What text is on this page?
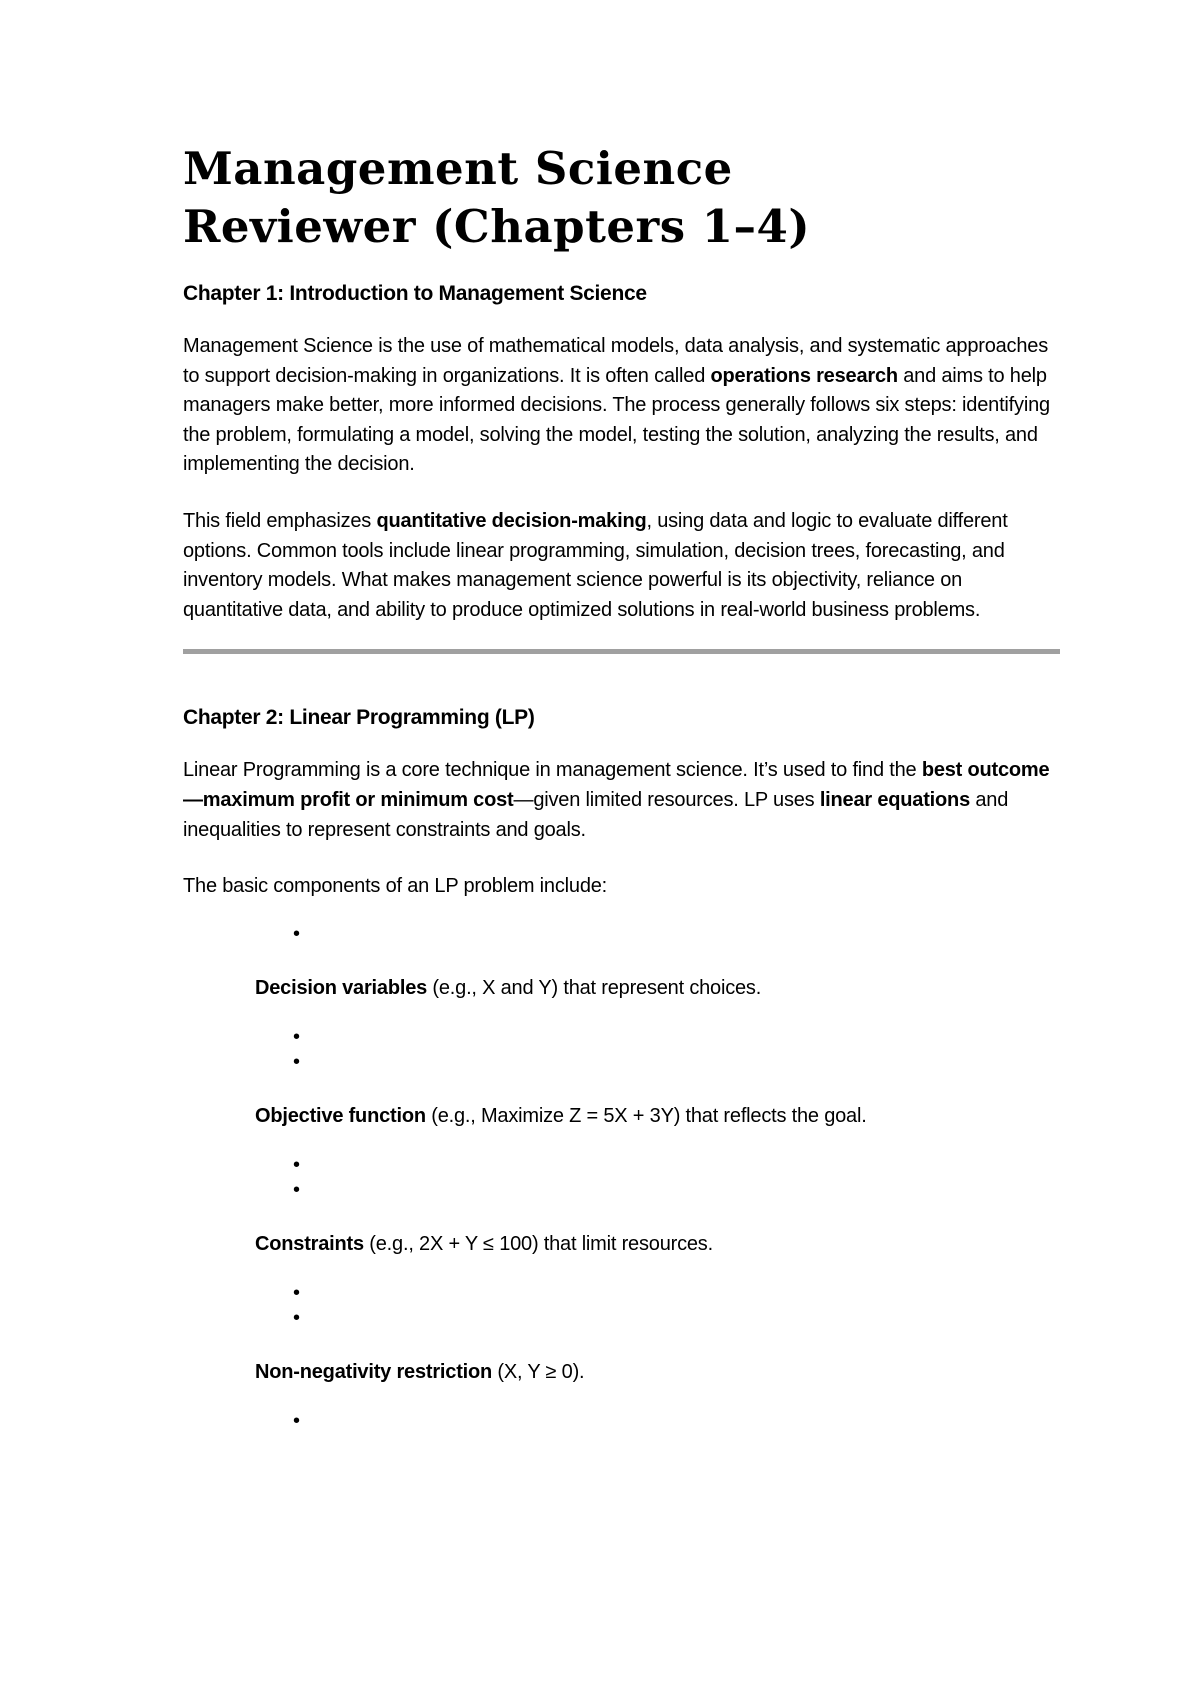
Management Science
Reviewer (Chapters 1–4)
Chapter 1: Introduction to Management Science

Management Science is the use of mathematical models, data analysis, and systematic approaches to support decision-making in organizations. It is often called operations research and aims to help managers make better, more informed decisions. The process generally follows six steps: identifying the problem, formulating a model, solving the model, testing the solution, analyzing the results, and implementing the decision.

This field emphasizes quantitative decision-making, using data and logic to evaluate different options. Common tools include linear programming, simulation, decision trees, forecasting, and inventory models. What makes management science powerful is its objectivity, reliance on quantitative data, and ability to produce optimized solutions in real-world business problems.

Chapter 2: Linear Programming (LP)

Linear Programming is a core technique in management science. It’s used to find the best outcome—maximum profit or minimum cost—given limited resources. LP uses linear equations and inequalities to represent constraints and goals.

The basic components of an LP problem include:

•

Decision variables (e.g., X and Y) that represent choices.

•
•

Objective function (e.g., Maximize Z = 5X + 3Y) that reflects the goal.

•
•

Constraints (e.g., 2X + Y ≤ 100) that limit resources.

•
•

Non-negativity restriction (X, Y ≥ 0).

•
